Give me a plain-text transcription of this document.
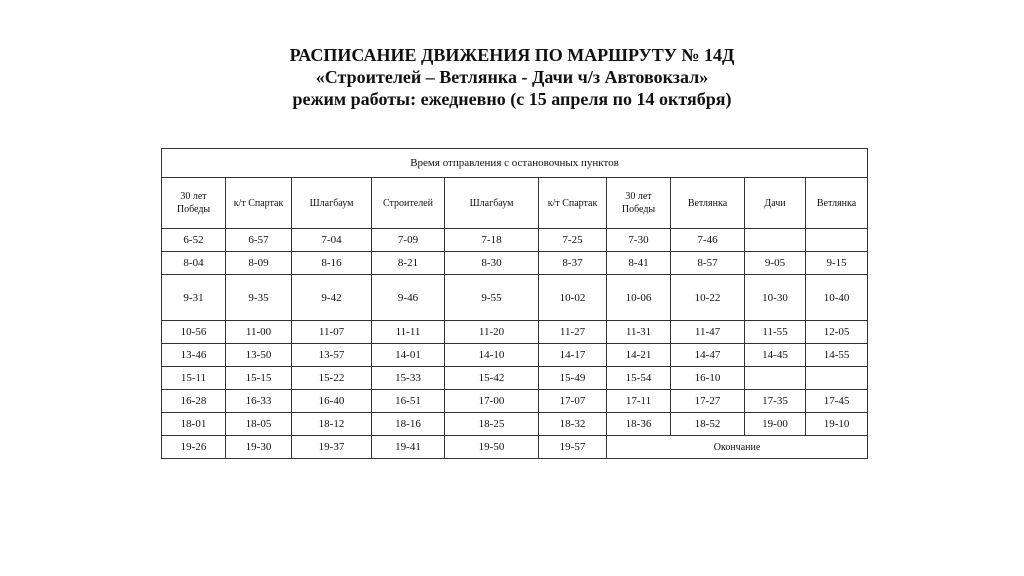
РАСПИСАНИЕ ДВИЖЕНИЯ ПО МАРШРУТУ № 14Д
«Строителей – Ветлянка - Дачи ч/з Автовокзал»
режим работы: ежедневно (с 15 апреля по 14 октября)
Время отправления с остановочных пунктов									
30 лет Победы	к/т Спартак	Шлагбаум	Строителей	Шлагбаум	к/т Спартак	30 лет Победы	Ветлянка	Дачи	Ветлянка
6-52	6-57	7-04	7-09	7-18	7-25	7-30	7-46		
8-04	8-09	8-16	8-21	8-30	8-37	8-41	8-57	9-05	9-15
9-31	9-35	9-42	9-46	9-55	10-02	10-06	10-22	10-30	10-40
10-56	11-00	11-07	11-11	11-20	11-27	11-31	11-47	11-55	12-05
13-46	13-50	13-57	14-01	14-10	14-17	14-21	14-47	14-45	14-55
15-11	15-15	15-22	15-33	15-42	15-49	15-54	16-10		
16-28	16-33	16-40	16-51	17-00	17-07	17-11	17-27	17-35	17-45
18-01	18-05	18-12	18-16	18-25	18-32	18-36	18-52	19-00	19-10
19-26	19-30	19-37	19-41	19-50	19-57	Окончание			
